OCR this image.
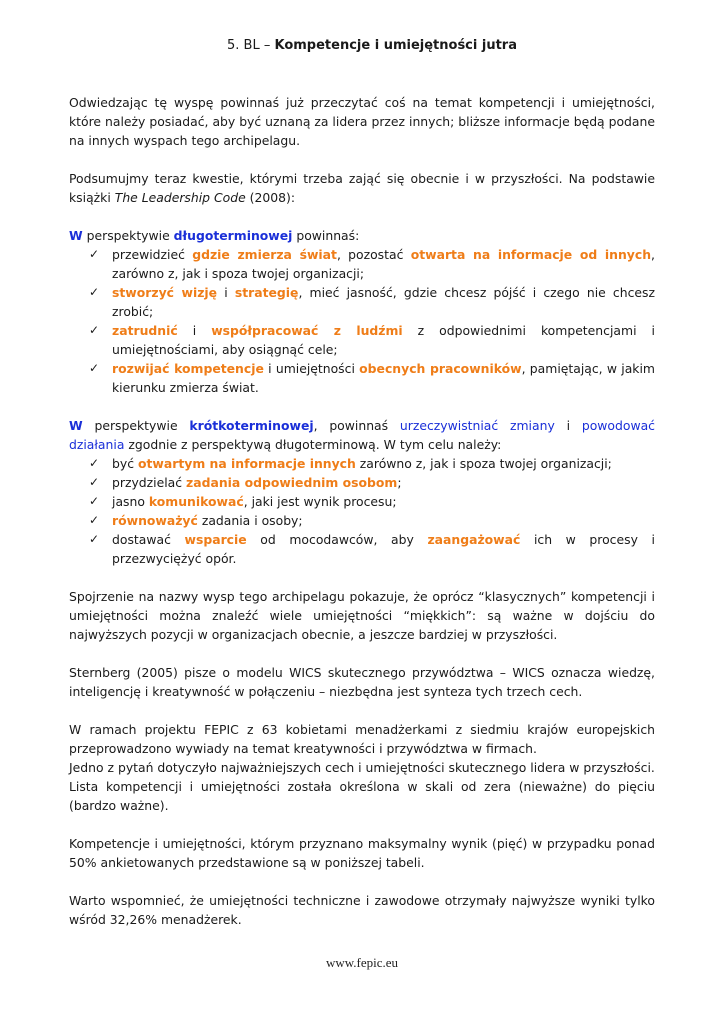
5. BL – Kompetencje i umiejętności jutra

Odwiedzając tę wyspę powinnaś już przeczytać coś na temat kompetencji i umiejętności, które należy posiadać, aby być uznaną za lidera przez innych; bliższe informacje będą podane na innych wyspach tego archipelagu.

Podsumujmy teraz kwestie, którymi trzeba zająć się obecnie i w przyszłości. Na podstawie książki The Leadership Code (2008):

W perspektywie długoterminowej powinnaś:
✓ przewidzieć gdzie zmierza świat, pozostać otwarta na informacje od innych, zarówno z, jak i spoza twojej organizacji;
✓ stworzyć wizję i strategię, mieć jasność, gdzie chcesz pójść i czego nie chcesz zrobić;
✓ zatrudnić i współpracować z ludźmi z odpowiednimi kompetencjami i umiejętnościami, aby osiągnąć cele;
✓ rozwijać kompetencje i umiejętności obecnych pracowników, pamiętając, w jakim kierunku zmierza świat.
W perspektywie krótkoterminowej, powinnaś urzeczywistniać zmiany i powodować działania zgodnie z perspektywą długoterminową. W tym celu należy:
✓ być otwartym na informacje innych zarówno z, jak i spoza twojej organizacji;
✓ przydzielać zadania odpowiednim osobom;
✓ jasno komunikować, jaki jest wynik procesu;
✓ równoważyć zadania i osoby;
✓ dostawać wsparcie od mocodawców, aby zaangażować ich w procesy i przezwyciężyć opór.

Spojrzenie na nazwy wysp tego archipelagu pokazuje, że oprócz “klasycznych” kompetencji i umiejętności można znaleźć wiele umiejętności “miękkich”: są ważne w dojściu do najwyższych pozycji w organizacjach obecnie, a jeszcze bardziej w przyszłości.

Sternberg (2005) pisze o modelu WICS skutecznego przywództwa – WICS oznacza wiedzę, inteligencję i kreatywność w połączeniu – niezbędna jest synteza tych trzech cech.

W ramach projektu FEPIC z 63 kobietami menadżerkami z siedmiu krajów europejskich przeprowadzono wywiady na temat kreatywności i przywództwa w firmach.
Jedno z pytań dotyczyło najważniejszych cech i umiejętności skutecznego lidera w przyszłości.
Lista kompetencji i umiejętności została określona w skali od zera (nieważne) do pięciu (bardzo ważne).

Kompetencje i umiejętności, którym przyznano maksymalny wynik (pięć) w przypadku ponad 50% ankietowanych przedstawione są w poniższej tabeli.

Warto wspomnieć, że umiejętności techniczne i zawodowe otrzymały najwyższe wyniki tylko wśród 32,26% menadżerek.

www.fepic.eu
